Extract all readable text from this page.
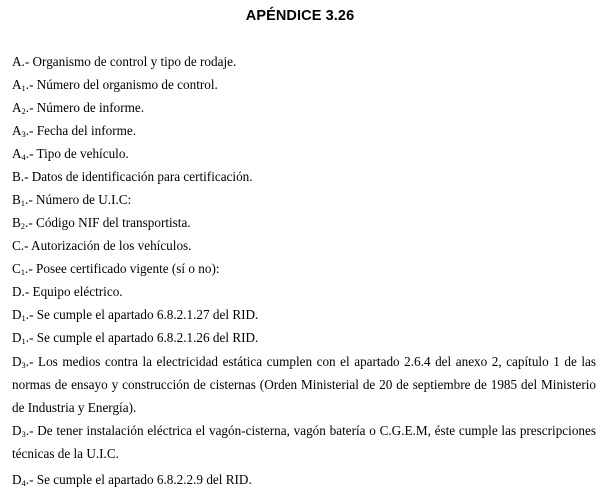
APÉNDICE 3.26
A.- Organismo de control y tipo de rodaje.
$A_1.-$ Número del organismo de control.
$A_2.-$ Número de informe.
$A_3.-$ Fecha del informe.
$A_4.-$ Tipo de vehículo.
B.- Datos de identificación para certificación.
$B_1.-$ Número de U.I.C:
$B_2.-$ Código NIF del transportista.
C.- Autorización de los vehículos.
$C_1.-$ Posee certificado vigente (sí o no):
D.- Equipo eléctrico.
$D_1.-$ Se cumple el apartado 6.8.2.1.27 del RID.
$D_1.-$ Se cumple el apartado 6.8.2.1.26 del RID.
$D_3.-$ Los medios contra la electricidad estática cumplen con el apartado 2.6.4 del anexo 2, capítulo 1 de las normas de ensayo y construcción de cisternas (Orden Ministerial de 20 de septiembre de 1985 del Ministerio de Industria y Energía).
$D_3.-$ De tener instalación eléctrica el vagón-cisterna, vagón batería o C.G.E.M, éste cumple las prescripciones técnicas de la U.I.C.
$D_4.-$ Se cumple el apartado 6.8.2.2.9 del RID.
